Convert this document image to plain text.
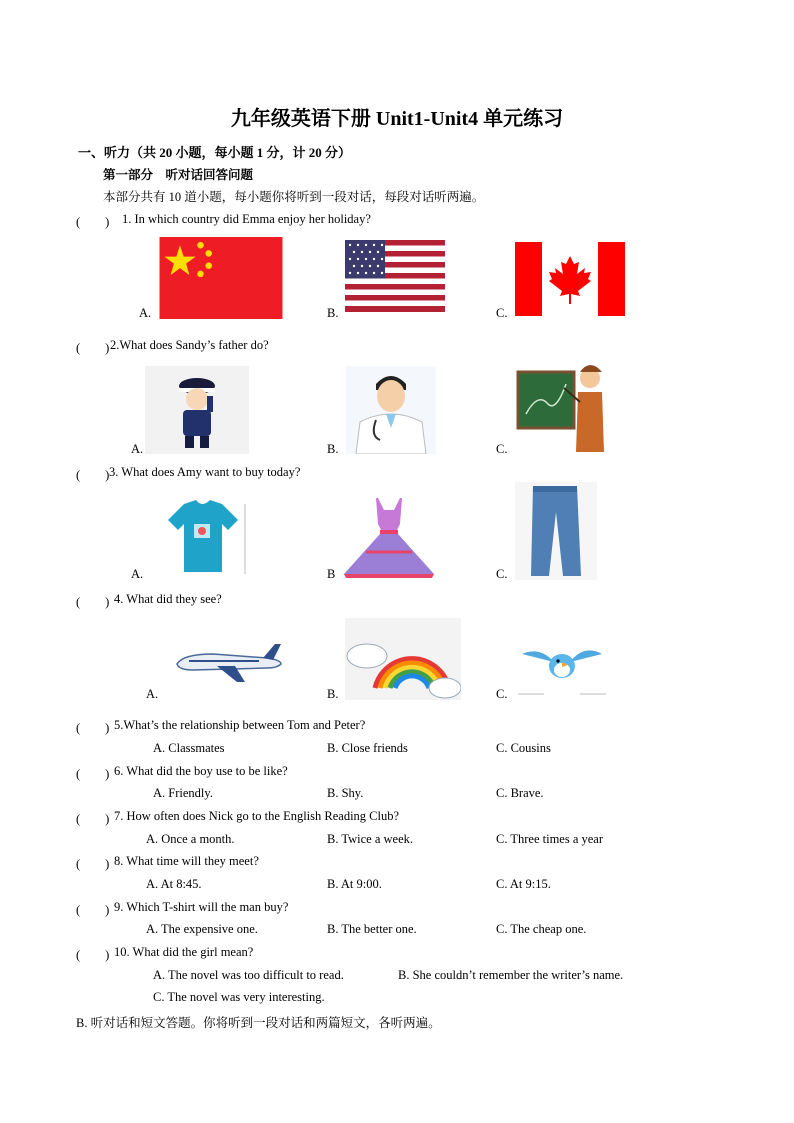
九年级英语下册 Unit1-Unit4 单元练习
一、听力（共 20 小题，每小题 1 分，计 20 分）
第一部分　听对话回答问题
本部分共有 10 道小题，每小题你将听到一段对话，每段对话听两遍。
(　　) 1. In which country did Emma enjoy her holiday?
A.	B.	C.
(　　) 2.What does Sandy’s father do?
A.	B.	C.
(　　) 3. What does Amy want to buy today?
A.	B	C.
(　　) 4. What did they see?
A.	B.	C.
(　　) 5.What’s the relationship between Tom and Peter?
A. Classmates	B. Close friends	C. Cousins
(　　) 6. What did the boy use to be like?
A. Friendly.	B. Shy.	C. Brave.
(　　) 7. How often does Nick go to the English Reading Club?
A. Once a month.	B. Twice a week.	C. Three times a year
(　　) 8. What time will they meet?
A. At 8:45.	B. At 9:00.	C. At 9:15.
(　　) 9. Which T-shirt will the man buy?
A. The expensive one.	B. The better one.	C. The cheap one.
(　　) 10. What did the girl mean?
A. The novel was too difficult to read.	B. She couldn’t remember the writer’s name.
C. The novel was very interesting.
B. 听对话和短文答题。你将听到一段对话和两篇短文，各听两遍。
